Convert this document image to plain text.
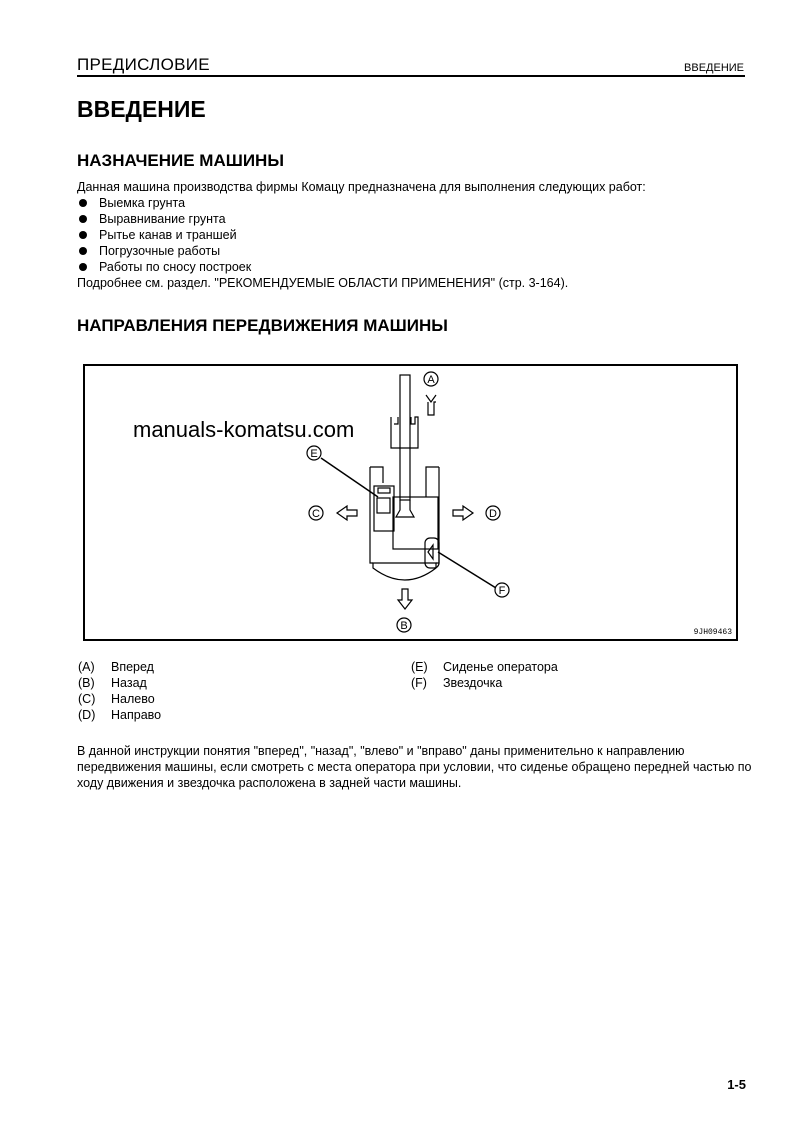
ПРЕДИСЛОВИЕ	ВВЕДЕНИЕ
ВВЕДЕНИЕ
НАЗНАЧЕНИЕ МАШИНЫ
Данная машина производства фирмы Комацу предназначена для выполнения следующих работ:
Выемка грунта
Выравнивание грунта
Рытье канав и траншей
Погрузочные работы
Работы по сносу построек
Подробнее см. раздел. "РЕКОМЕНДУЕМЫЕ ОБЛАСТИ ПРИМЕНЕНИЯ" (стр. 3-164).
НАПРАВЛЕНИЯ ПЕРЕДВИЖЕНИЯ МАШИНЫ
A
B
C	D
E
F
9JH09463
manuals-komatsu.com
(A) Вперед
(B) Назад
(C) Налево
(D) Направо
(E) Сиденье оператора
(F) Звездочка
В данной инструкции понятия "вперед", "назад", "влево" и "вправо" даны применительно к направлению передвижения машины, если смотреть с места оператора при условии, что сиденье обращено передней частью по ходу движения и звездочка расположена в задней части машины.
1-5
